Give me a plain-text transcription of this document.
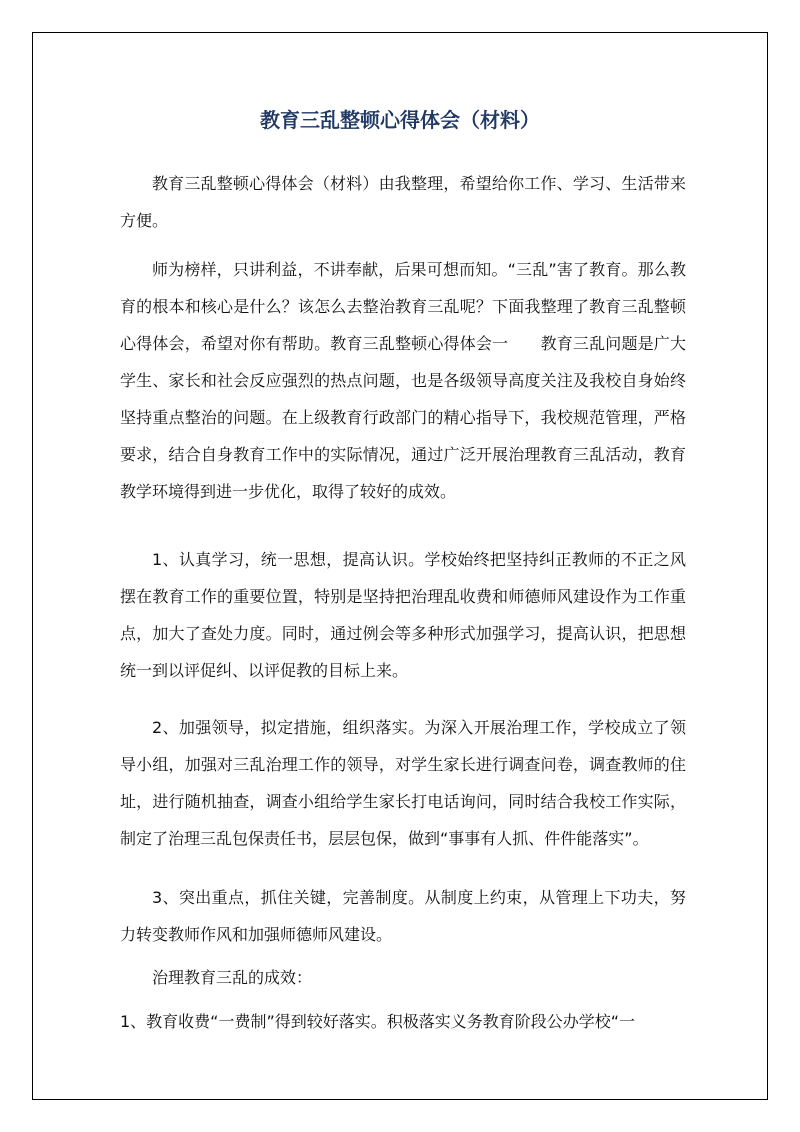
教育三乱整顿心得体会（材料）

教育三乱整顿心得体会（材料）由我整理，希望给你工作、学习、生活带来方便。

师为榜样，只讲利益，不讲奉献，后果可想而知。“三乱”害了教育。那么教育的根本和核心是什么？该怎么去整治教育三乱呢？下面我整理了教育三乱整顿心得体会，希望对你有帮助。教育三乱整顿心得体会一　　教育三乱问题是广大学生、家长和社会反应强烈的热点问题，也是各级领导高度关注及我校自身始终坚持重点整治的问题。在上级教育行政部门的精心指导下，我校规范管理，严格要求，结合自身教育工作中的实际情况，通过广泛开展治理教育三乱活动，教育教学环境得到进一步优化，取得了较好的成效。

1、认真学习，统一思想，提高认识。学校始终把坚持纠正教师的不正之风摆在教育工作的重要位置，特别是坚持把治理乱收费和师德师风建设作为工作重点，加大了查处力度。同时，通过例会等多种形式加强学习，提高认识，把思想统一到以评促纠、以评促教的目标上来。

2、加强领导，拟定措施，组织落实。为深入开展治理工作，学校成立了领导小组，加强对三乱治理工作的领导，对学生家长进行调查问卷，调查教师的住址，进行随机抽查，调查小组给学生家长打电话询问，同时结合我校工作实际，制定了治理三乱包保责任书，层层包保，做到“事事有人抓、件件能落实”。

3、突出重点，抓住关键，完善制度。从制度上约束，从管理上下功夫，努力转变教师作风和加强师德师风建设。

治理教育三乱的成效：

1、教育收费“一费制”得到较好落实。积极落实义务教育阶段公办学校“一
